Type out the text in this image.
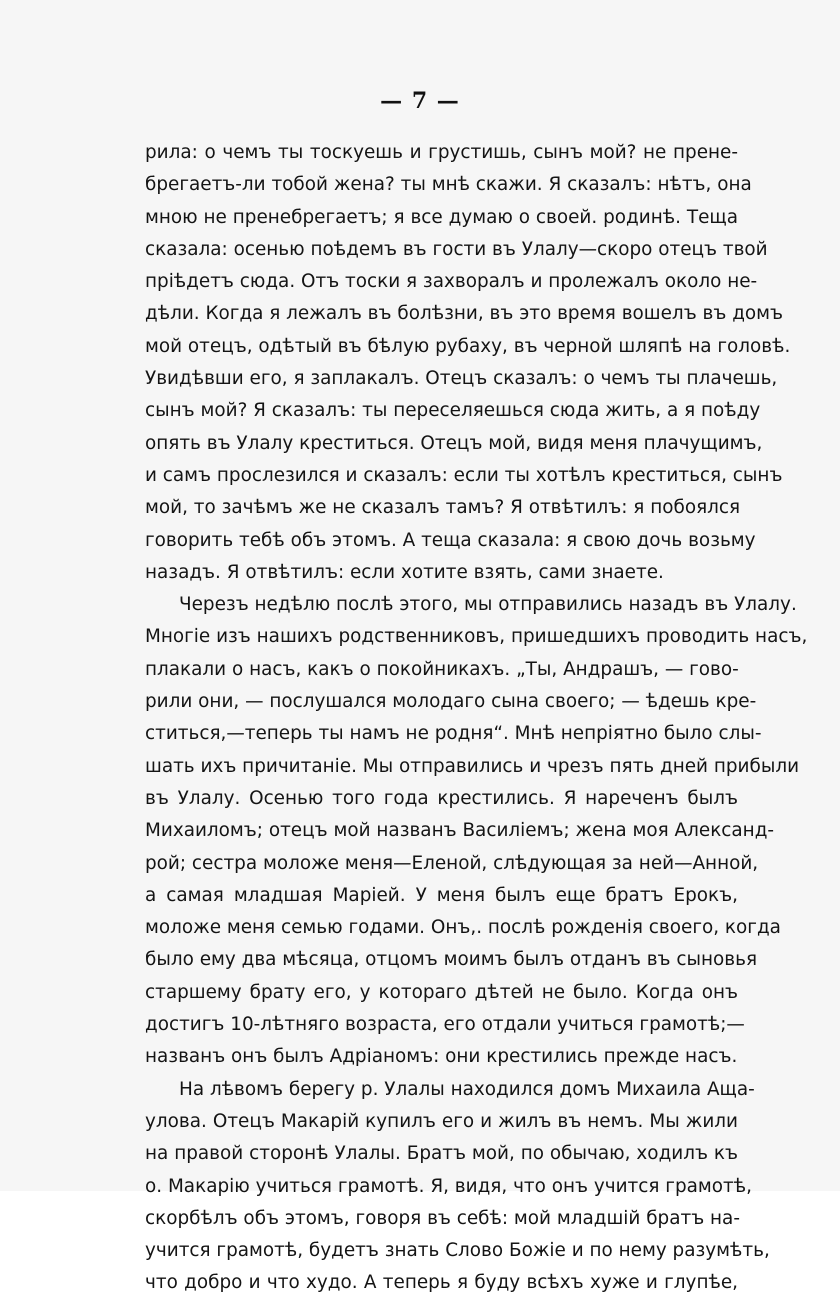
— 7 —
рила: о чемъ ты тоскуешь и грустишь, сынъ мой? не прене-
брегаетъ-ли тобой жена? ты мнѣ скажи. Я сказалъ: нѣтъ, она
мною не пренебрегаетъ; я все думаю о своей. родинѣ. Теща
сказала: осенью поѣдемъ въ гости въ Улалу—скоро отецъ твой
пріѣдетъ сюда. Отъ тоски я захворалъ и пролежалъ около не-
дѣли. Когда я лежалъ въ болѣзни, въ это время вошелъ въ домъ
мой отецъ, одѣтый въ бѣлую рубаху, въ черной шляпѣ на головѣ.
Увидѣвши его, я заплакалъ. Отецъ сказалъ: о чемъ ты плачешь,
сынъ мой? Я сказалъ: ты переселяешься сюда жить, а я поѣду
опять въ Улалу креститься. Отецъ мой, видя меня плачущимъ,
и самъ прослезился и сказалъ: если ты хотѣлъ креститься, сынъ
мой, то зачѣмъ же не сказалъ тамъ? Я отвѣтилъ: я побоялся
говорить тебѣ объ этомъ. А теща сказала: я свою дочь возьму
назадъ. Я отвѣтилъ: если хотите взять, сами знаете.
Черезъ недѣлю послѣ этого, мы отправились назадъ въ Улалу.
Многіе изъ нашихъ родственниковъ, пришедшихъ проводить насъ,
плакали о насъ, какъ о покойникахъ. „Ты, Андрашъ, — гово-
рили они, — послушался молодаго сына своего; — ѣдешь кре-
ститься,—теперь ты намъ не родня“. Мнѣ непріятно было слы-
шать ихъ причитаніе. Мы отправились и чрезъ пять дней прибыли
въ Улалу. Осенью того года крестились. Я нареченъ былъ
Михаиломъ; отецъ мой названъ Василіемъ; жена моя Александ-
рой; сестра моложе меня—Еленой, слѣдующая за ней—Анной,
а самая младшая Маріей. У меня былъ еще братъ Ерокъ,
моложе меня семью годами. Онъ,. послѣ рожденія своего, когда
было ему два мѣсяца, отцомъ моимъ былъ отданъ въ сыновья
старшему брату его, у котораго дѣтей не было. Когда онъ
достигъ 10-лѣтняго возраста, его отдали учиться грамотѣ;—
названъ онъ былъ Адріаномъ: они крестились прежде насъ.
На лѣвомъ берегу р. Улалы находился домъ Михаила Ащa-
улова. Отецъ Макарій купилъ его и жилъ въ немъ. Мы жили
на правой сторонѣ Улалы. Братъ мой, по обычаю, ходилъ къ
о. Макарію учиться грамотѣ. Я, видя, что онъ учится грамотѣ,
скорбѣлъ объ этомъ, говоря въ себѣ: мой младшій братъ на-
учится грамотѣ, будетъ знать Слово Божіе и по нему разумѣть,
что добро и что худо. А теперь я буду всѣхъ хуже и глупѣе,
